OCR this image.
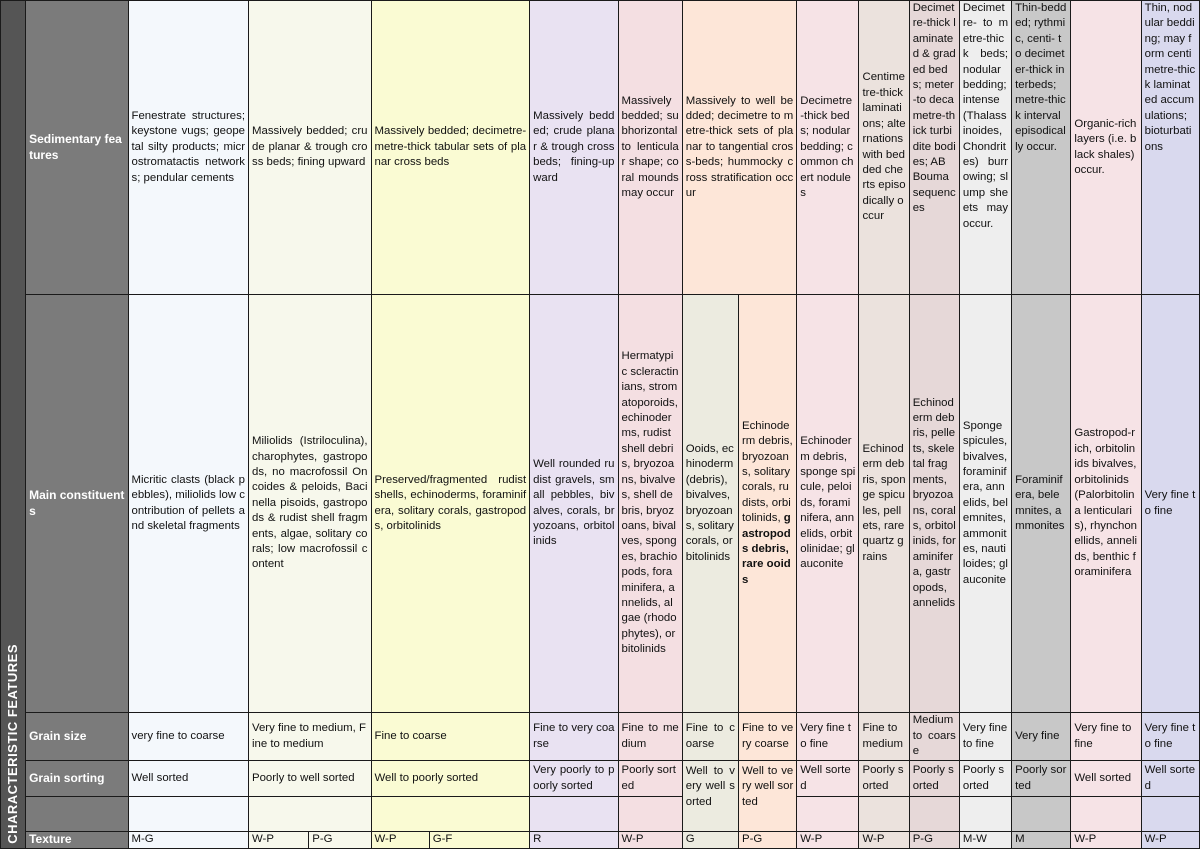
CHARACTERISTIC FEATURES	Sedimentary features	Fenestrate structures; keystone vugs; geopetal silty products; microstromatactis networks; pendular cements	Massively bedded; crude planar & trough cross beds; fining upward		Massively bedded; decimetre-metre-thick tabular sets of planar cross beds		Massively bedded; crude planar & trough cross beds; fining-upward	Massively bedded; subhorizontal to lenticular shape; coral mounds may occur	Massively to well bedded; decimetre to metre-thick sets of planar to tangential cross-beds; hummocky cross stratification occur		Decimetre-thick beds; nodular bedding; common chert nodules	Centimetre-thick laminations; alternations with bedded cherts episodically occur	Decimetre-thick laminated & graded beds; meter-to decametre-thick turbidite bodies; AB Bouma sequences	Decimetre- to metre-thick beds; nodular bedding; intense (Thalassinoides, Chondrites) burrowing; slump sheets may occur.	Thin-bedded; rythmic, centi- to decimeter-thick interbeds; metre-thick interval episodically occur.	Organic-rich layers (i.e. black shales) occur.	Thin, nodular bedding; may form centimetre-thick laminated accumulations; bioturbations
	Main constituents	Micritic clasts (black pebbles), miliolids low contribution of pellets and skeletal fragments	Miliolids (Istriloculina), charophytes, gastropods, no macrofossil Oncoides & peloids, Bacinella pisoids, gastropods & rudist shell fragments, algae, solitary corals; low macrofossil content		Preserved/fragmented rudist shells, echinoderms, foraminifera, solitary corals, gastropods, orbitolinids		Well rounded rudist gravels, small pebbles, bivalves, corals, bryozoans, orbitolinids	Hermatypic scleractinians, stromatoporoids, echinoderms, rudist shell debris, bryozoans, bivalves, shell debris, bryozoans, bivalves, sponges, brachiopods, foraminifera, annelids, algae (rhodophytes), orbitolinids	Ooids, echinoderm (debris), bivalves, bryozoans, solitary corals, orbitolinids	Echinoderm debris, bryozoans, solitary corals, rudists, orbitolinids, gastropods debris, rare ooids	Echinoderm debris, sponge spicule, peloids, foraminifera, annelids, orbitolinidae; glauconite	Echinoderm debris, sponge spicules, pellets, rare quartz grains	Echinoderm debris, pellets, skeletal fragments, bryozoans, corals, orbitolinids, foraminifera, gastropods, annelids	Sponge spicules, bivalves, foraminifera, annelids, belemnites, ammonites, nautiloides; glauconite	Foraminifera, belemnites, ammonites	Gastropod-rich, orbitolinids bivalves, orbitolinids (Palorbitolina lenticularis), rhynchonellids, annelids, benthic foraminifera	Very fine to fine
	Grain size	very fine to coarse	Very fine to medium, Fine to medium		Fine to coarse		Fine to very coarse	Fine to medium	Fine to coarse	Fine to very coarse	Very fine to fine	Fine to medium	Medium to coarse	Very fine to fine	Very fine	Very fine to fine	Very fine to fine
	Grain sorting	Well sorted	Poorly to well sorted		Well to poorly sorted		Very poorly to poorly sorted	Poorly sorted	Well to very well sorted	Well to very well sorted	Well sorted	Poorly sorted	Poorly sorted	Poorly sorted	Poorly sorted	Well sorted	Well sorted

	Texture	M-G	W-P	P-G	W-P	G-F	R	W-P	G	P-G	W-P	W-P	P-G	M-W	M	W-P	W-P
